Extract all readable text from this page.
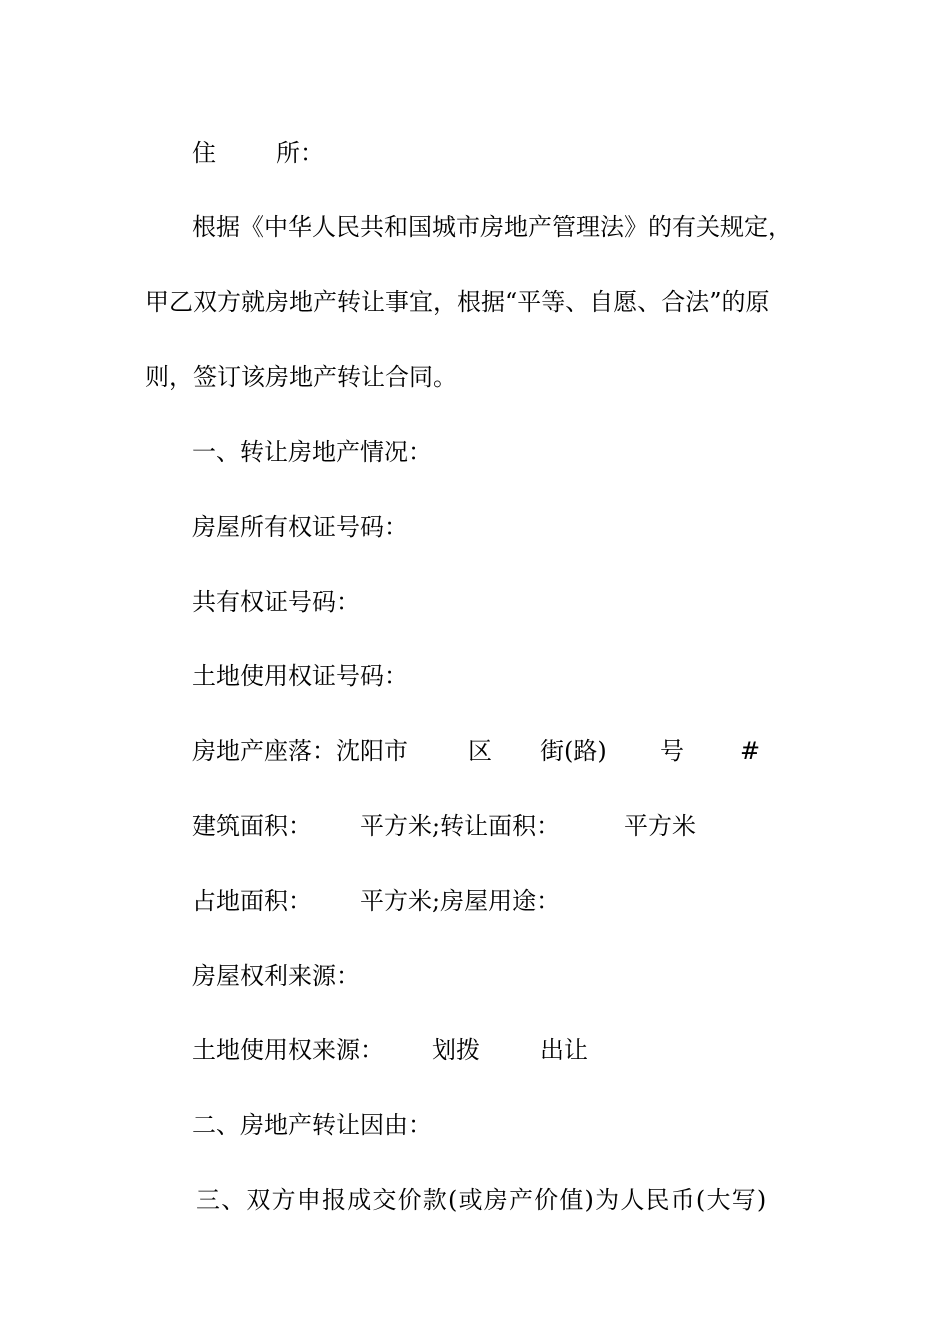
住	所：
根据《中华人民共和国城市房地产管理法》的有关规定，
甲乙双方就房地产转让事宜，根据“平等、自愿、合法”的原
则，签订该房地产转让合同。
一、转让房地产情况：
房屋所有权证号码：
共有权证号码：
土地使用权证号码：
房地产座落：沈阳市	区 街(路) 号 #
建筑面积： 平方米;转让面积：	平方米
占地面积： 平方米;房屋用途：
房屋权利来源：
土地使用权来源： 划拨	出让
二、房地产转让因由：
三、双方申报成交价款(或房产价值)为人民币(大写)
